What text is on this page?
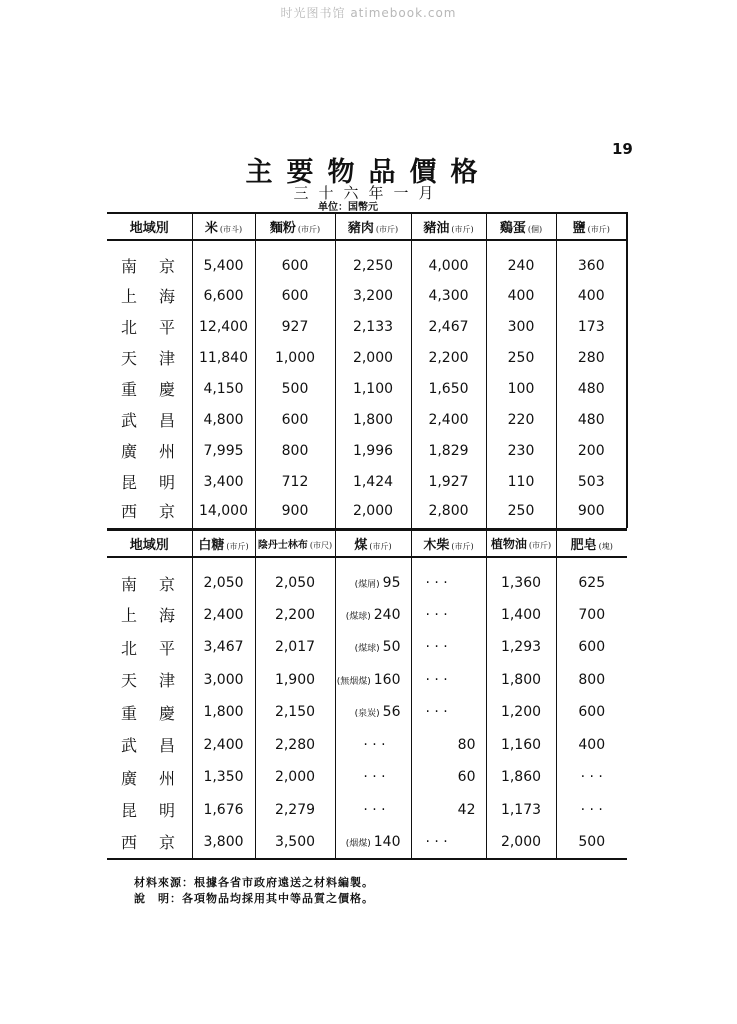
时光图书馆 atimebook.com
19
主要物品價格
三十六年一月
单位：国幣元
地域別	米 (市斗)	麵粉 (市斤)	豬肉 (市斤)	豬油 (市斤)	鷄蛋 (個)	鹽 (市斤)
南京	5,400	600	2,250	4,000	240	360
上海	6,600	600	3,200	4,300	400	400
北平	12,400	927	2,133	2,467	300	173
天津	11,840	1,000	2,000	2,200	250	280
重慶	4,150	500	1,100	1,650	100	480
武昌	4,800	600	1,800	2,400	220	480
廣州	7,995	800	1,996	1,829	230	200
昆明	3,400	712	1,424	1,927	110	503
西京	14,000	900	2,000	2,800	250	900
地域別	白糖 (市斤)	陰丹士林布 (市尺)	煤 (市斤)	木柴 (市斤)	植物油 (市斤)	肥皂 (塊)
南京	2,050	2,050	(煤屑) 95	· · ·	1,360	625
上海	2,400	2,200	(煤球) 240	· · ·	1,400	700
北平	3,467	2,017	(煤球) 50	· · ·	1,293	600
天津	3,000	1,900	(無烟煤) 160	· · ·	1,800	800
重慶	1,800	2,150	(泉炭) 56	· · ·	1,200	600
武昌	2,400	2,280	· · ·	80	1,160	400
廣州	1,350	2,000	· · ·	60	1,860	· · ·
昆明	1,676	2,279	· · ·	42	1,173	· · ·
西京	3,800	3,500	(烟煤) 140	· · ·	2,000	500
材料來源：根據各省市政府遠送之材料編製。
說　明：各項物品均採用其中等品質之價格。
